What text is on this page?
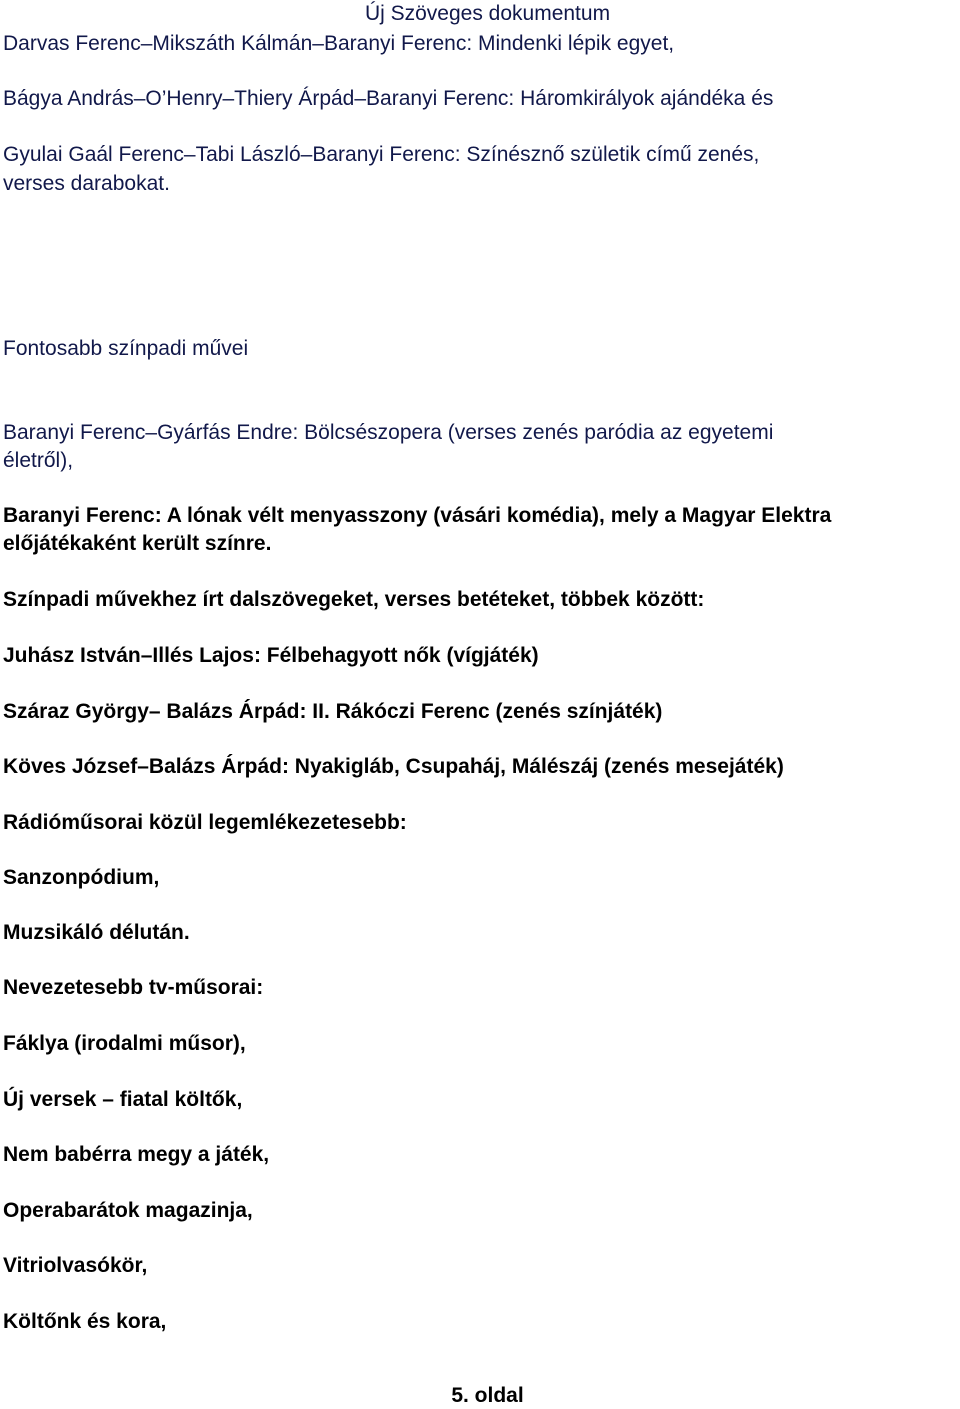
Új Szöveges dokumentum
Darvas Ferenc–Mikszáth Kálmán–Baranyi Ferenc: Mindenki lépik egyet,
Bágya András–O’Henry–Thiery Árpád–Baranyi Ferenc: Háromkirályok ajándéka és
Gyulai Gaál Ferenc–Tabi László–Baranyi Ferenc: Színésznő születik című zenés,
verses darabokat.
Fontosabb színpadi művei
Baranyi Ferenc–Gyárfás Endre: Bölcsészopera (verses zenés paródia az egyetemi
életről),
Baranyi Ferenc: A lónak vélt menyasszony (vásári komédia), mely a Magyar Elektra
előjátékaként került színre.
Színpadi művekhez írt dalszövegeket, verses betéteket, többek között:
Juhász István–Illés Lajos: Félbehagyott nők (vígjáték)
Száraz György– Balázs Árpád: II. Rákóczi Ferenc (zenés színjáték)
Köves József–Balázs Árpád: Nyakigláb, Csupaháj, Málészáj (zenés mesejáték)
Rádióműsorai közül legemlékezetesebb:
Sanzonpódium,
Muzsikáló délután.
Nevezetesebb tv-műsorai:
Fáklya (irodalmi műsor),
Új versek – fiatal költők,
Nem babérra megy a játék,
Operabarátok magazinja,
Vitriolvasókör,
Költőnk és kora,
5. oldal
